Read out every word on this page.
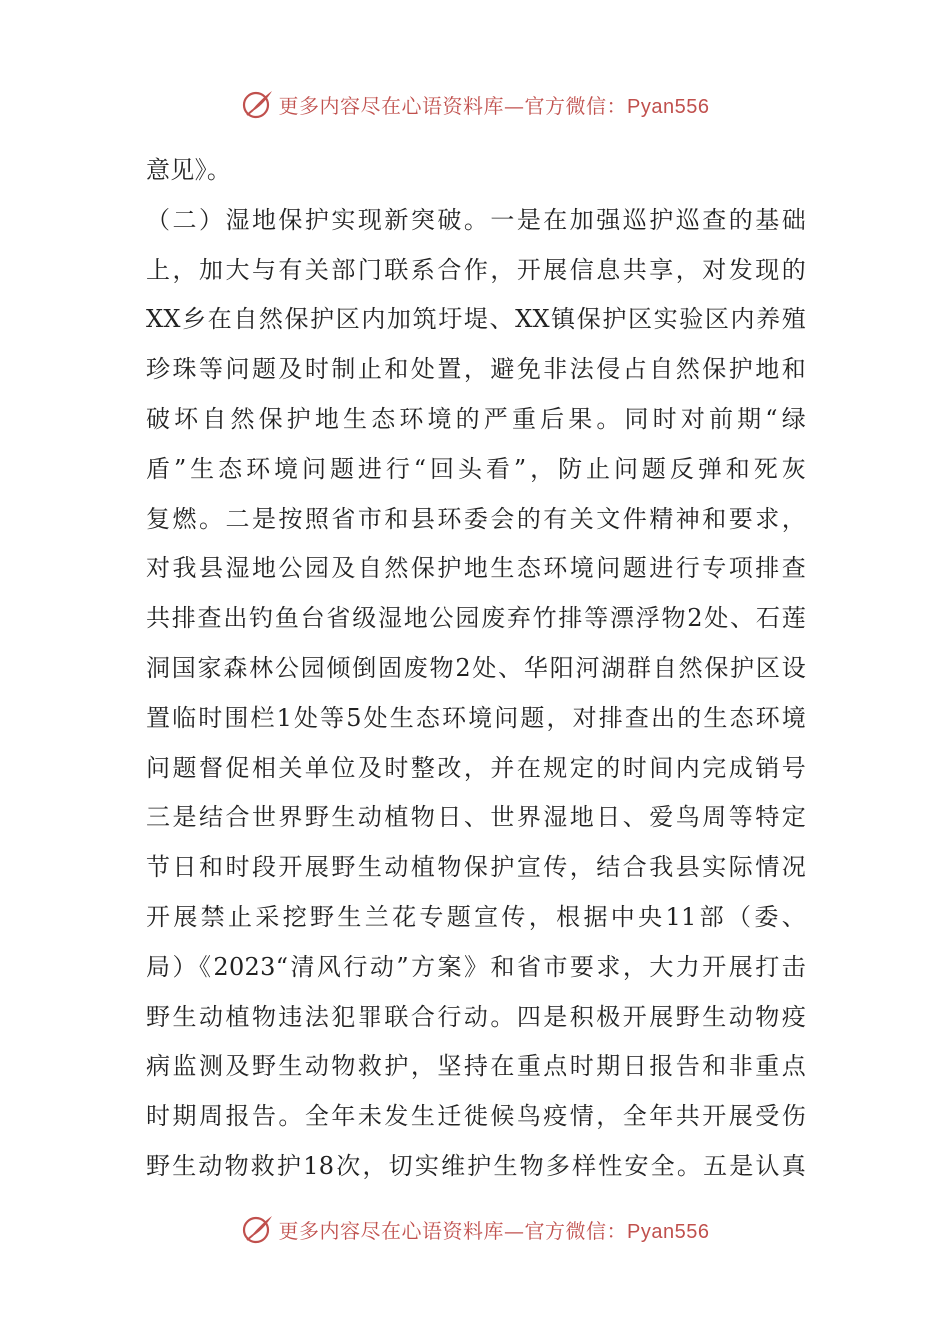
更多内容尽在心语资料库—官方微信：Pyan556
意见》。
（二）湿地保护实现新突破。一是在加强巡护巡查的基础
上，加大与有关部门联系合作，开展信息共享，对发现的
XX乡在自然保护区内加筑圩堤、XX镇保护区实验区内养殖
珍珠等问题及时制止和处置，避免非法侵占自然保护地和
破坏自然保护地生态环境的严重后果。同时对前期“绿
盾”生态环境问题进行“回头看”，防止问题反弹和死灰
复燃。二是按照省市和县环委会的有关文件精神和要求，
对我县湿地公园及自然保护地生态环境问题进行专项排查
共排查出钓鱼台省级湿地公园废弃竹排等漂浮物2处、石莲
洞国家森林公园倾倒固废物2处、华阳河湖群自然保护区设
置临时围栏1处等5处生态环境问题，对排查出的生态环境
问题督促相关单位及时整改，并在规定的时间内完成销号
三是结合世界野生动植物日、世界湿地日、爱鸟周等特定
节日和时段开展野生动植物保护宣传，结合我县实际情况
开展禁止采挖野生兰花专题宣传，根据中央11部（委、
局）《2023“清风行动”方案》和省市要求，大力开展打击
野生动植物违法犯罪联合行动。四是积极开展野生动物疫
病监测及野生动物救护，坚持在重点时期日报告和非重点
时期周报告。全年未发生迁徙候鸟疫情，全年共开展受伤
野生动物救护18次，切实维护生物多样性安全。五是认真
更多内容尽在心语资料库—官方微信：Pyan556
